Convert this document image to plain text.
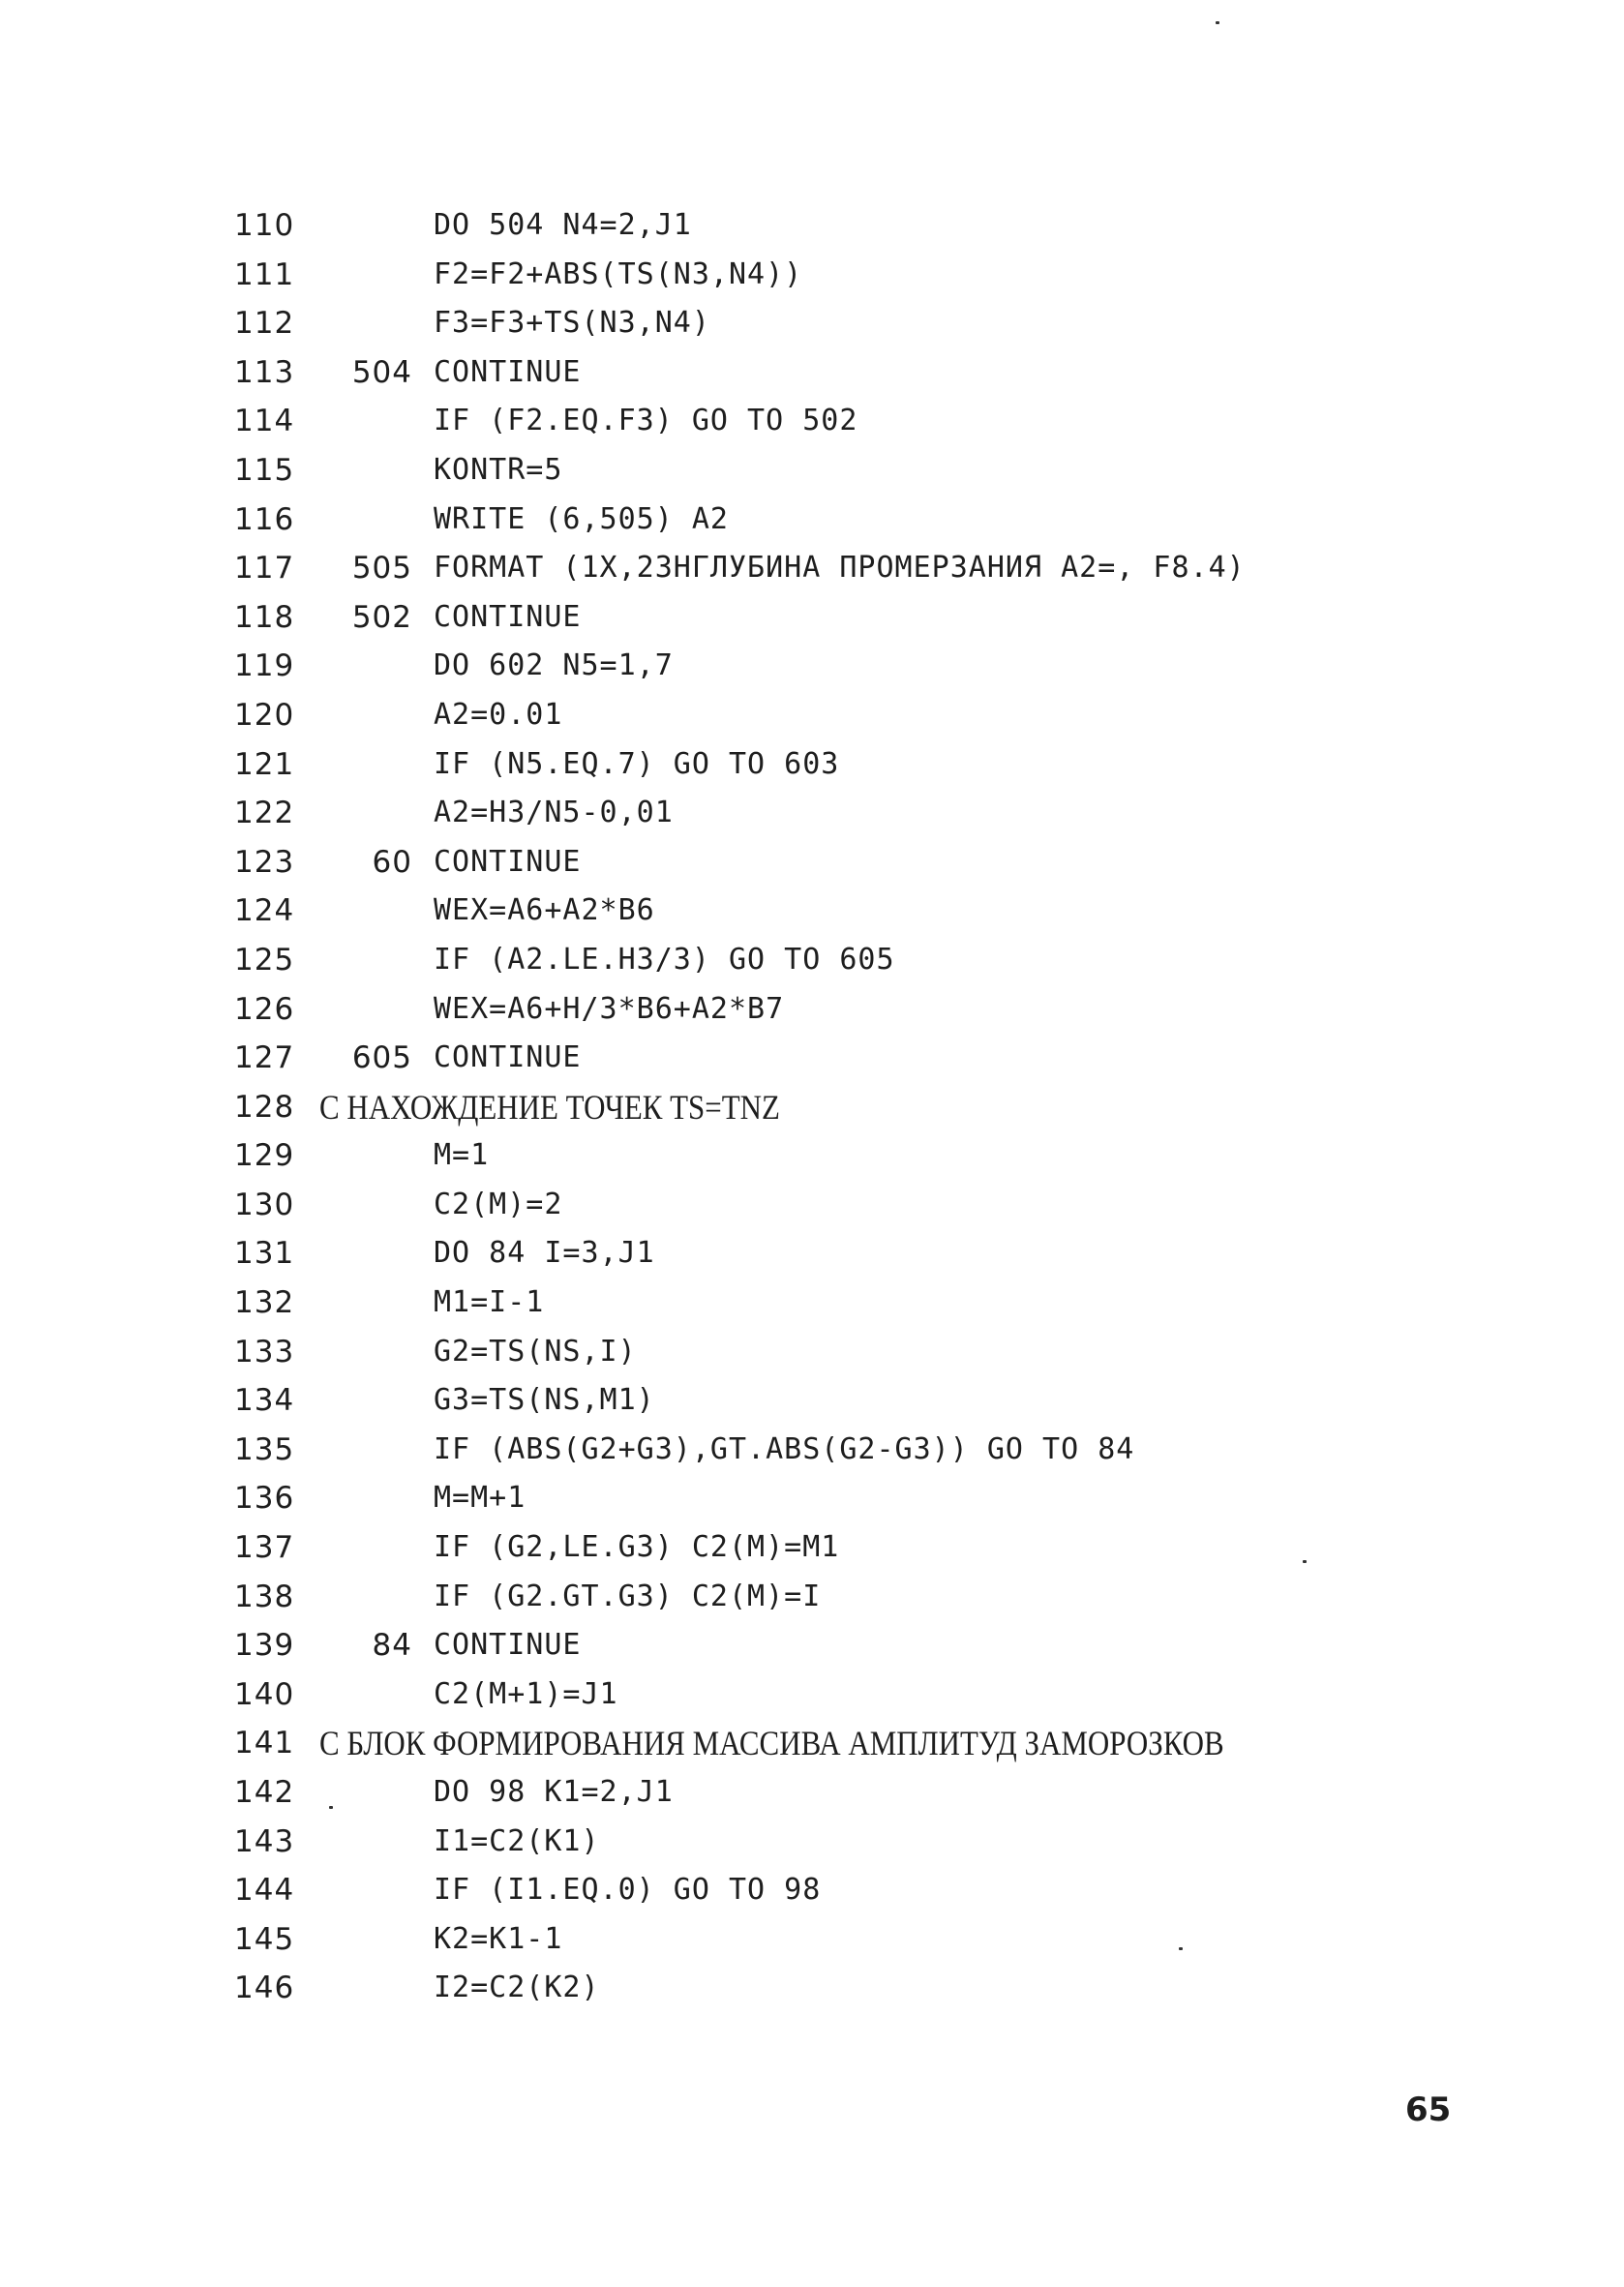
110	DO 504 N4=2,J1
111	F2=F2+ABS(TS(N3,N4))
112	F3=F3+TS(N3,N4)
113	504 CONTINUE
114	IF (F2.EQ.F3) GO TO 502
115	KONTR=5
116	WRITE (6,505) A2
117	505 FORMAT (1X,23НГЛУБИНА ПРОМЕРЗАНИЯ A2=, F8.4)
118	502 CONTINUE
119	DO 602 N5=1,7
120	A2=0.01
121	IF (N5.EQ.7) GO TO 603
122	A2=H3/N5-0,01
123	60 CONTINUE
124	WEX=A6+A2*B6
125	IF (A2.LE.H3/3) GO TO 605
126	WEX=A6+H/3*B6+A2*B7
127	605 CONTINUE
128 C НАХОЖДЕНИЕ ТОЧЕК TS=TNZ
129	M=1
130	C2(M)=2
131	DO 84 I=3,J1
132	M1=I-1
133	G2=TS(NS,I)
134	G3=TS(NS,M1)
135	IF (ABS(G2+G3),GT.ABS(G2-G3)) GO TO 84
136	M=M+1
137	IF (G2,LE.G3) C2(M)=M1
138	IF (G2.GT.G3) C2(M)=I
139	84 CONTINUE
140	C2(M+1)=J1
141 C БЛОК ФОРМИРОВАНИЯ МАССИВА АМПЛИТУД ЗАМОРОЗКОВ
142	DO 98 K1=2,J1
143	I1=C2(K1)
144	IF (I1.EQ.0) GO TO 98
145	K2=K1-1
146	I2=C2(K2)
65
